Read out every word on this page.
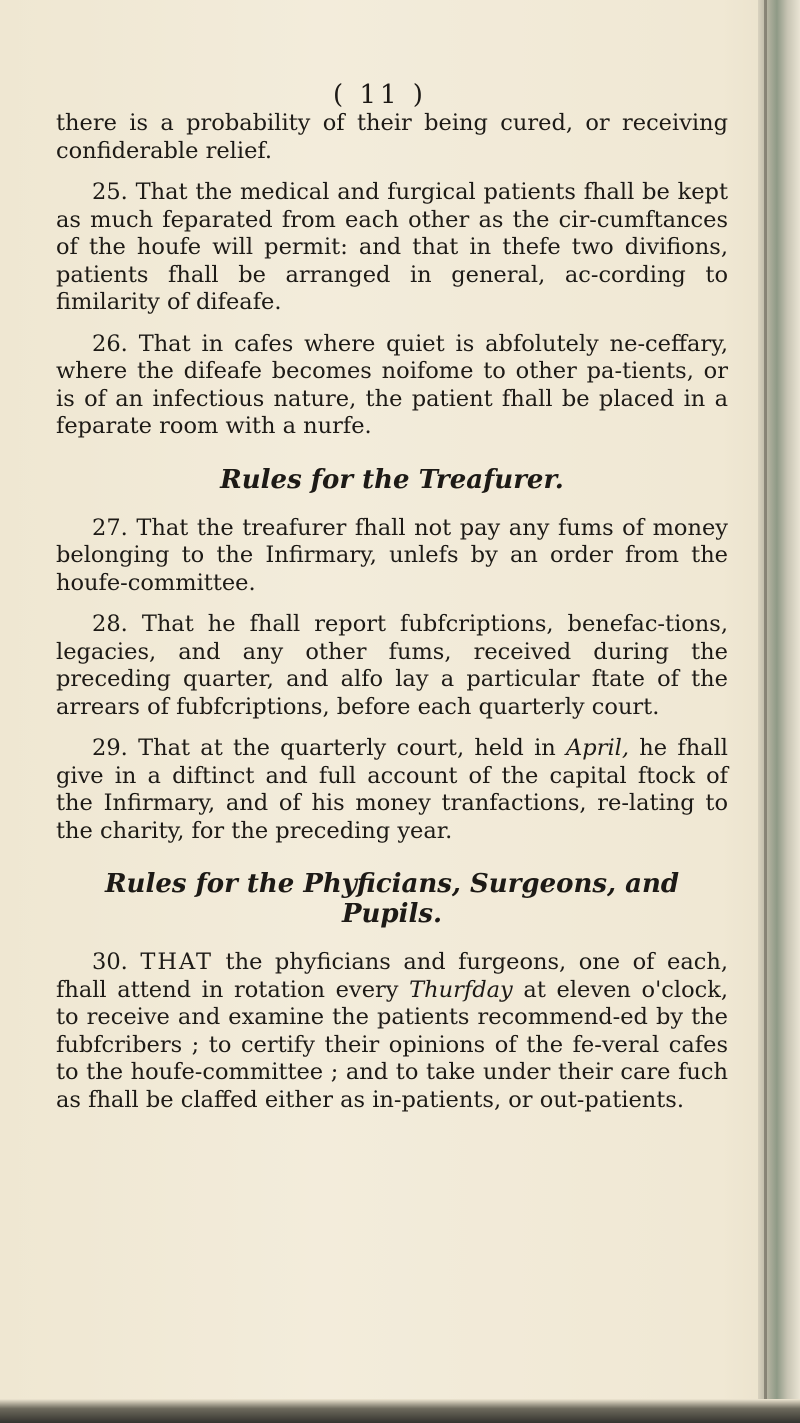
( 11 )

there is a probability of their being cured, or receiving confiderable relief.

25. That the medical and furgical patients fhall be kept as much feparated from each other as the cir-cumftances of the houfe will permit: and that in thefe two divifions, patients fhall be arranged in general, ac-cording to fimilarity of difeafe.

26. That in cafes where quiet is abfolutely ne-ceffary, where the difeafe becomes noifome to other pa-tients, or is of an infectious nature, the patient fhall be placed in a feparate room with a nurfe.

Rules for the Treafurer.

27. That the treafurer fhall not pay any fums of money belonging to the Infirmary, unlefs by an order from the houfe-committee.

28. That he fhall report fubfcriptions, benefac-tions, legacies, and any other fums, received during the preceding quarter, and alfo lay a particular ftate of the arrears of fubfcriptions, before each quarterly court.

29. That at the quarterly court, held in April, he fhall give in a diftinct and full account of the capital ftock of the Infirmary, and of his money tranfactions, re-lating to the charity, for the preceding year.

Rules for the Phyficians, Surgeons, and Pupils.

30. THAT the phyficians and furgeons, one of each, fhall attend in rotation every Thurfday at eleven o'clock, to receive and examine the patients recommend-ed by the fubfcribers ; to certify their opinions of the fe-veral cafes to the houfe-committee ; and to take under their care fuch as fhall be claffed either as in-patients, or out-patients.
